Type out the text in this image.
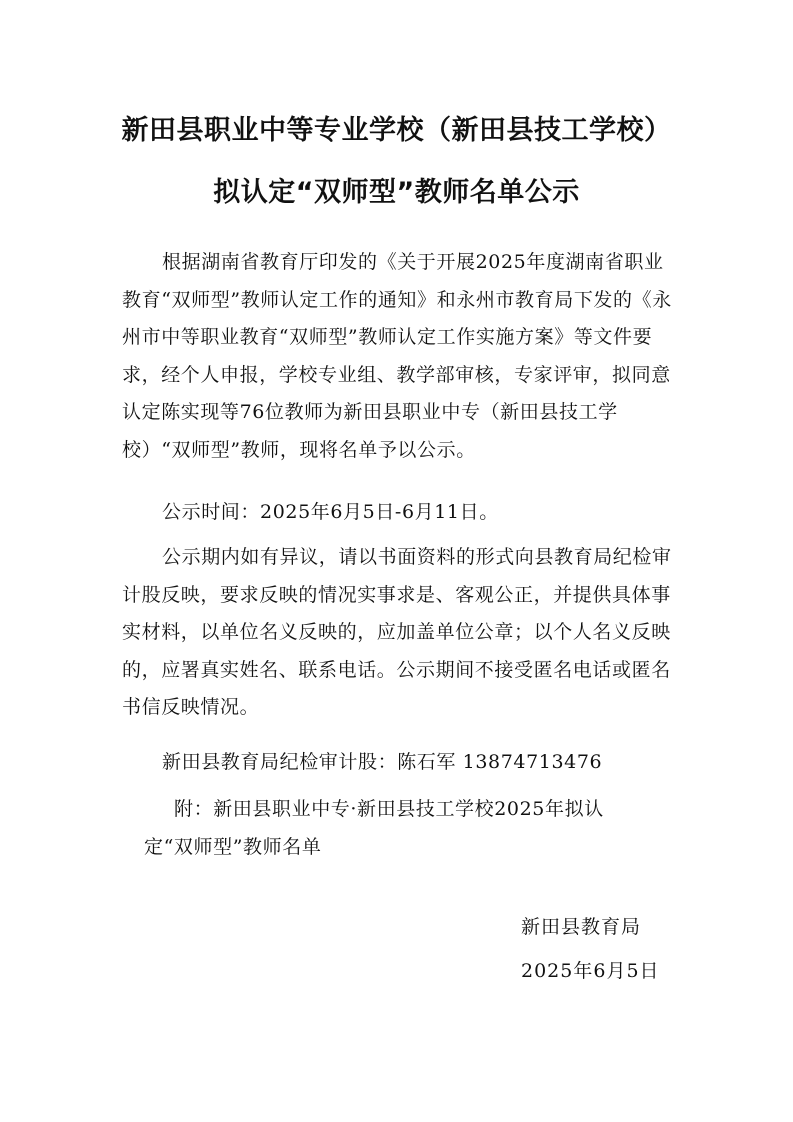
新田县职业中等专业学校（新田县技工学校）
拟认定“双师型”教师名单公示

根据湖南省教育厅印发的《关于开展2025年度湖南省职业教育“双师型”教师认定工作的通知》和永州市教育局下发的《永州市中等职业教育“双师型”教师认定工作实施方案》等文件要求，经个人申报，学校专业组、教学部审核，专家评审，拟同意认定陈实现等76位教师为新田县职业中专（新田县技工学校）“双师型”教师，现将名单予以公示。

公示时间：2025年6月5日-6月11日。

公示期内如有异议，请以书面资料的形式向县教育局纪检审计股反映，要求反映的情况实事求是、客观公正，并提供具体事实材料，以单位名义反映的，应加盖单位公章；以个人名义反映的，应署真实姓名、联系电话。公示期间不接受匿名电话或匿名书信反映情况。

新田县教育局纪检审计股：陈石军 13874713476

附：新田县职业中专·新田县技工学校2025年拟认
定“双师型”教师名单
新田县教育局
2025年6月5日
